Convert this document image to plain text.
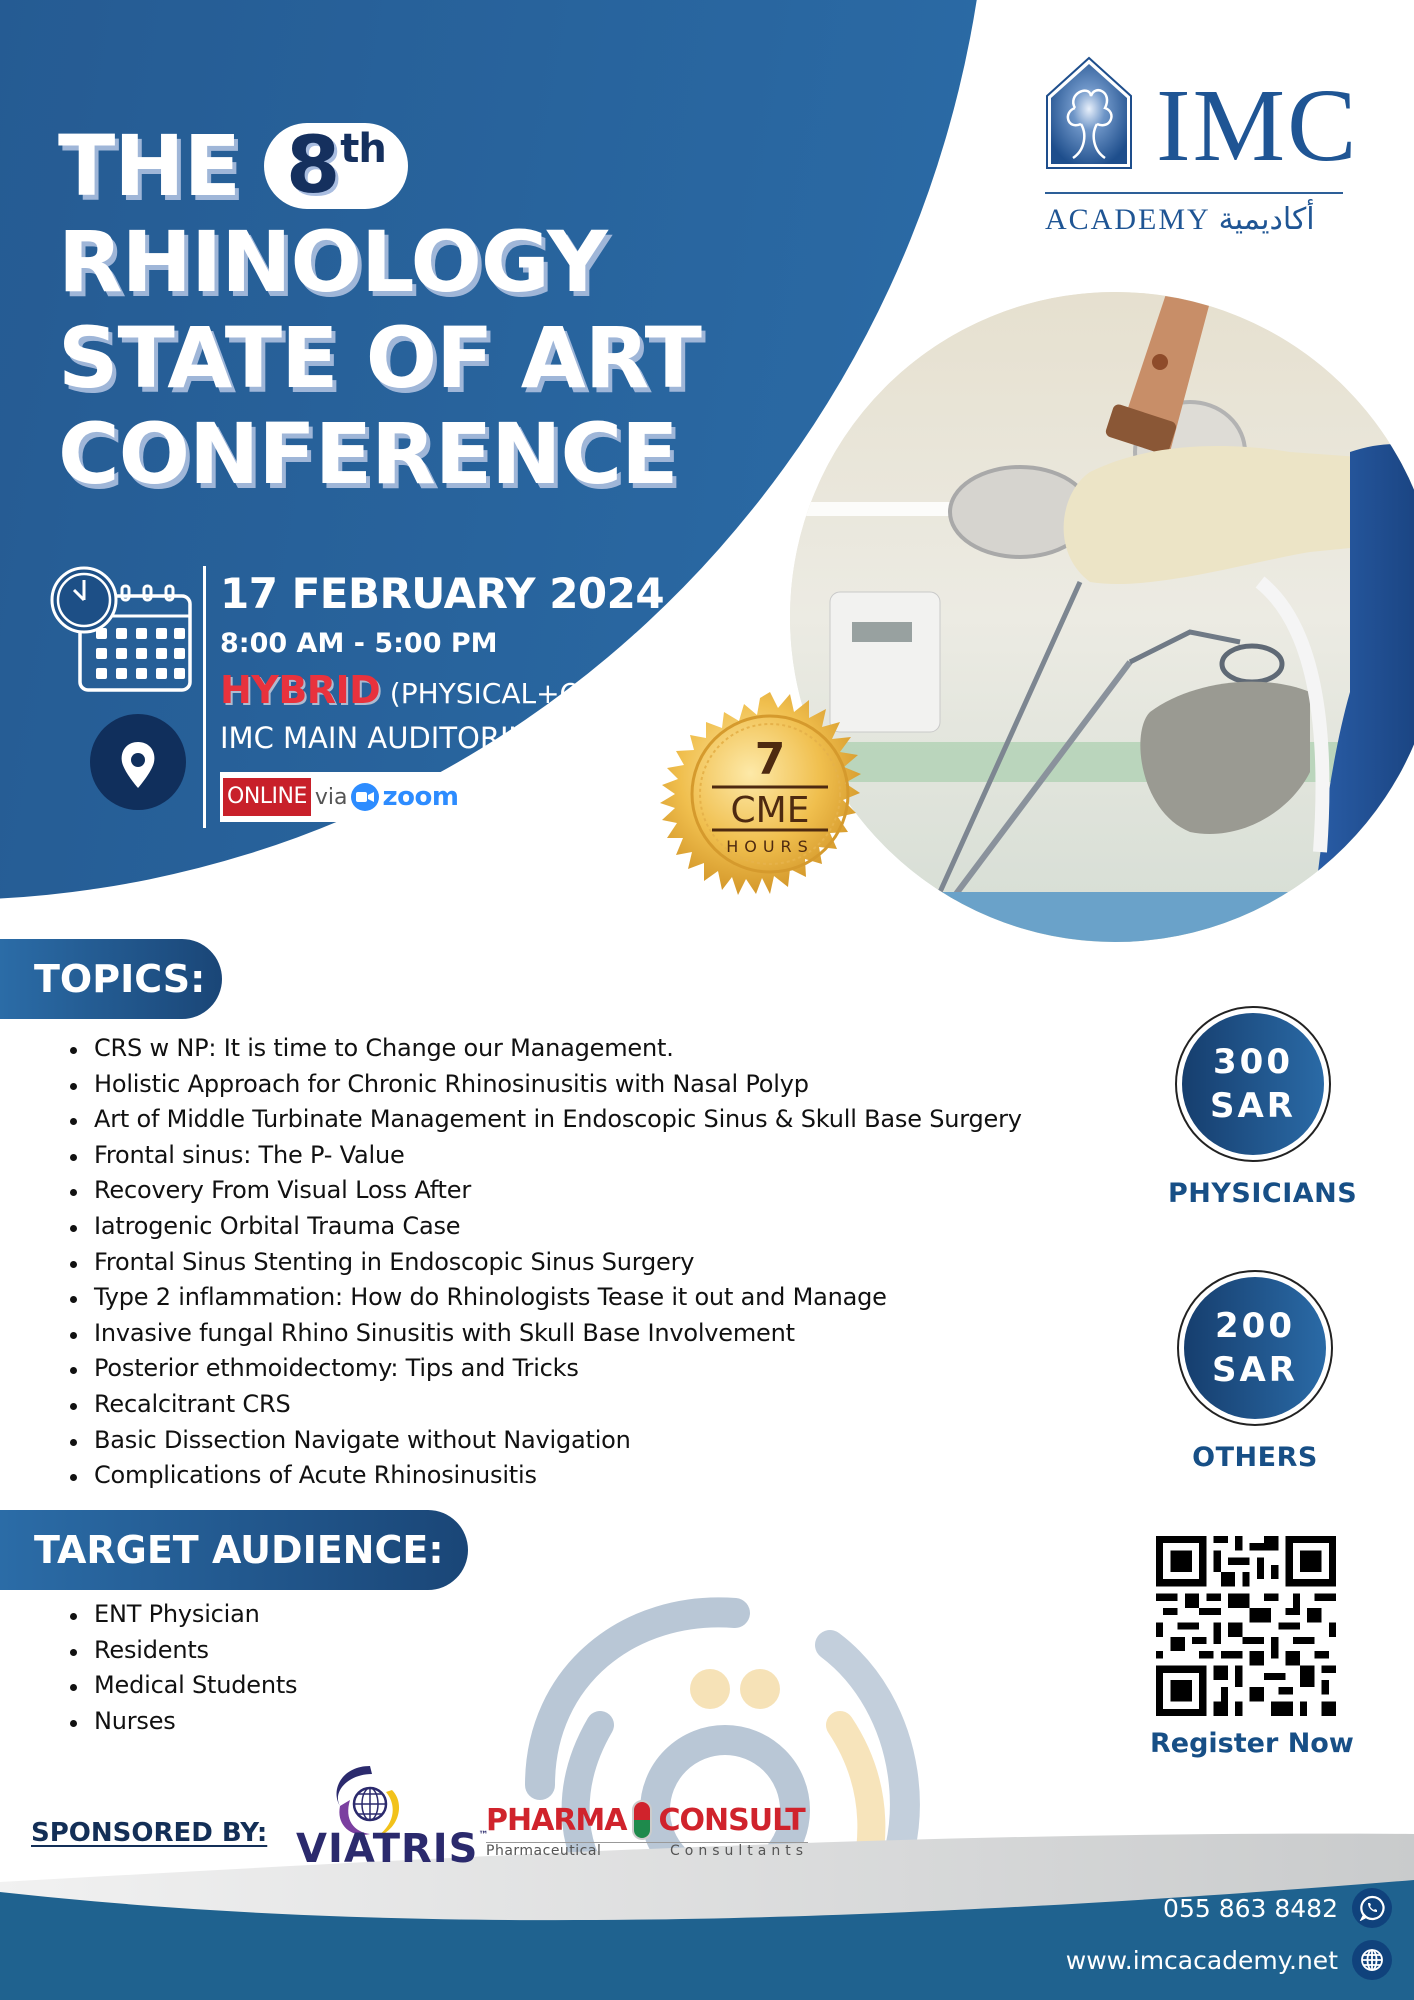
THE 8 th
RHINOLOGY
STATE OF ART
CONFERENCE
IMC
ACADEMY أكاديمية
17 FEBRUARY 2024
8:00 AM - 5:00 PM
HYBRID (PHYSICAL+ONLINE)
IMC MAIN AUDITORIUM
ONLINE via zoom
7
CME
HOURS
TOPICS:
CRS w NP: It is time to Change our Management.
Holistic Approach for Chronic Rhinosinusitis with Nasal Polyp
Art of Middle Turbinate Management in Endoscopic Sinus & Skull Base Surgery
Frontal sinus: The P- Value
Recovery From Visual Loss After
Iatrogenic Orbital Trauma Case
Frontal Sinus Stenting in Endoscopic Sinus Surgery
Type 2 inflammation: How do Rhinologists Tease it out and Manage
Invasive fungal Rhino Sinusitis with Skull Base Involvement
Posterior ethmoidectomy: Tips and Tricks
Recalcitrant CRS
Basic Dissection Navigate without Navigation
Complications of Acute Rhinosinusitis
300
SAR
PHYSICIANS
200
SAR
OTHERS
TARGET AUDIENCE:
ENT Physician
Residents
Medical Students
Nurses
Register Now
SPONSORED BY: VIATRIS™
PHARMA CONSULT
Pharmaceutical	Consultants
055 863 8482
www.imcacademy.net
